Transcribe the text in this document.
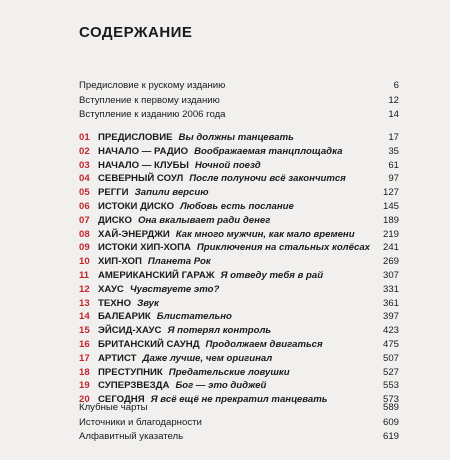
СОДЕРЖАНИЕ
Предисловие к рускому изданию	6
Вступление к первому изданию	12
Вступление к изданию 2006 года	14
01 ПРЕДИСЛОВИЕ Вы должны танцевать	17
02 НАЧАЛО — РАДИО Воображаемая танцплощадка	35
03 НАЧАЛО — КЛУБЫ Ночной поезд	61
04 СЕВЕРНЫЙ СОУЛ После полуночи всё закончится	97
05 РЕГГИ Запили версию	127
06 ИСТОКИ ДИСКО Любовь есть послание	145
07 ДИСКО Она вкалывает ради денег	189
08 ХАЙ-ЭНЕРДЖИ Как много мужчин, как мало времени	219
09 ИСТОКИ ХИП-ХОПА Приключения на стальных колёсах 241
10 ХИП-ХОП Планета Рок	269
11 АМЕРИКАНСКИЙ ГАРАЖ Я отведу тебя в рай	307
12 ХАУС Чувствуете это?	331
13 ТЕХНО Звук	361
14 БАЛЕАРИК Блистательно	397
15 ЭЙСИД-ХАУС Я потерял контроль	423
16 БРИТАНСКИЙ САУНД Продолжаем двигаться	475
17 АРТИСТ Даже лучше, чем оригинал	507
18 ПРЕСТУПНИК Предательские ловушки	527
19 СУПЕРЗВЕЗДА Бог — это диджей	553
20 СЕГОДНЯ Я всё ещё не прекратил танцевать	573
Клубные чарты	589
Источники и благодарности	609
Алфавитный указатель	619
